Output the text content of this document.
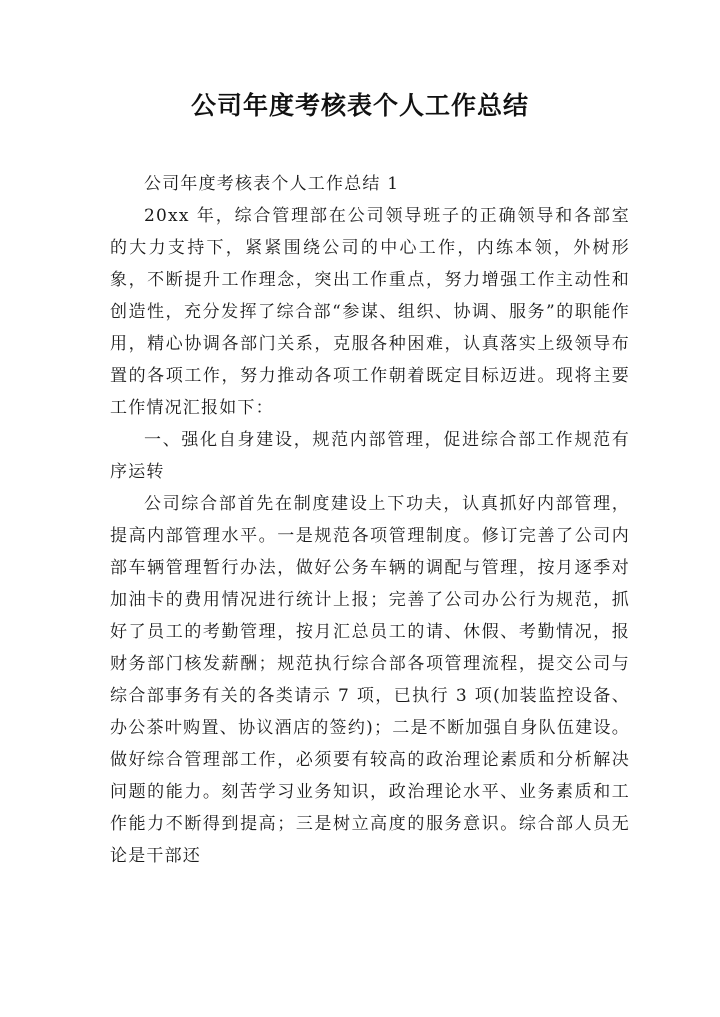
公司年度考核表个人工作总结

公司年度考核表个人工作总结 1

20xx 年，综合管理部在公司领导班子的正确领导和各部室的大力支持下，紧紧围绕公司的中心工作，内练本领，外树形象，不断提升工作理念，突出工作重点，努力增强工作主动性和创造性，充分发挥了综合部“参谋、组织、协调、服务”的职能作用，精心协调各部门关系，克服各种困难，认真落实上级领导布置的各项工作，努力推动各项工作朝着既定目标迈进。现将主要工作情况汇报如下：

一、强化自身建设，规范内部管理，促进综合部工作规范有序运转

公司综合部首先在制度建设上下功夫，认真抓好内部管理，提高内部管理水平。一是规范各项管理制度。修订完善了公司内部车辆管理暂行办法，做好公务车辆的调配与管理，按月逐季对加油卡的费用情况进行统计上报；完善了公司办公行为规范，抓好了员工的考勤管理，按月汇总员工的请、休假、考勤情况，报财务部门核发薪酬；规范执行综合部各项管理流程，提交公司与综合部事务有关的各类请示 7 项，已执行 3 项(加装监控设备、办公茶叶购置、协议酒店的签约)；二是不断加强自身队伍建设。做好综合管理部工作，必须要有较高的政治理论素质和分析解决问题的能力。刻苦学习业务知识，政治理论水平、业务素质和工作能力不断得到提高；三是树立高度的服务意识。综合部人员无论是干部还
